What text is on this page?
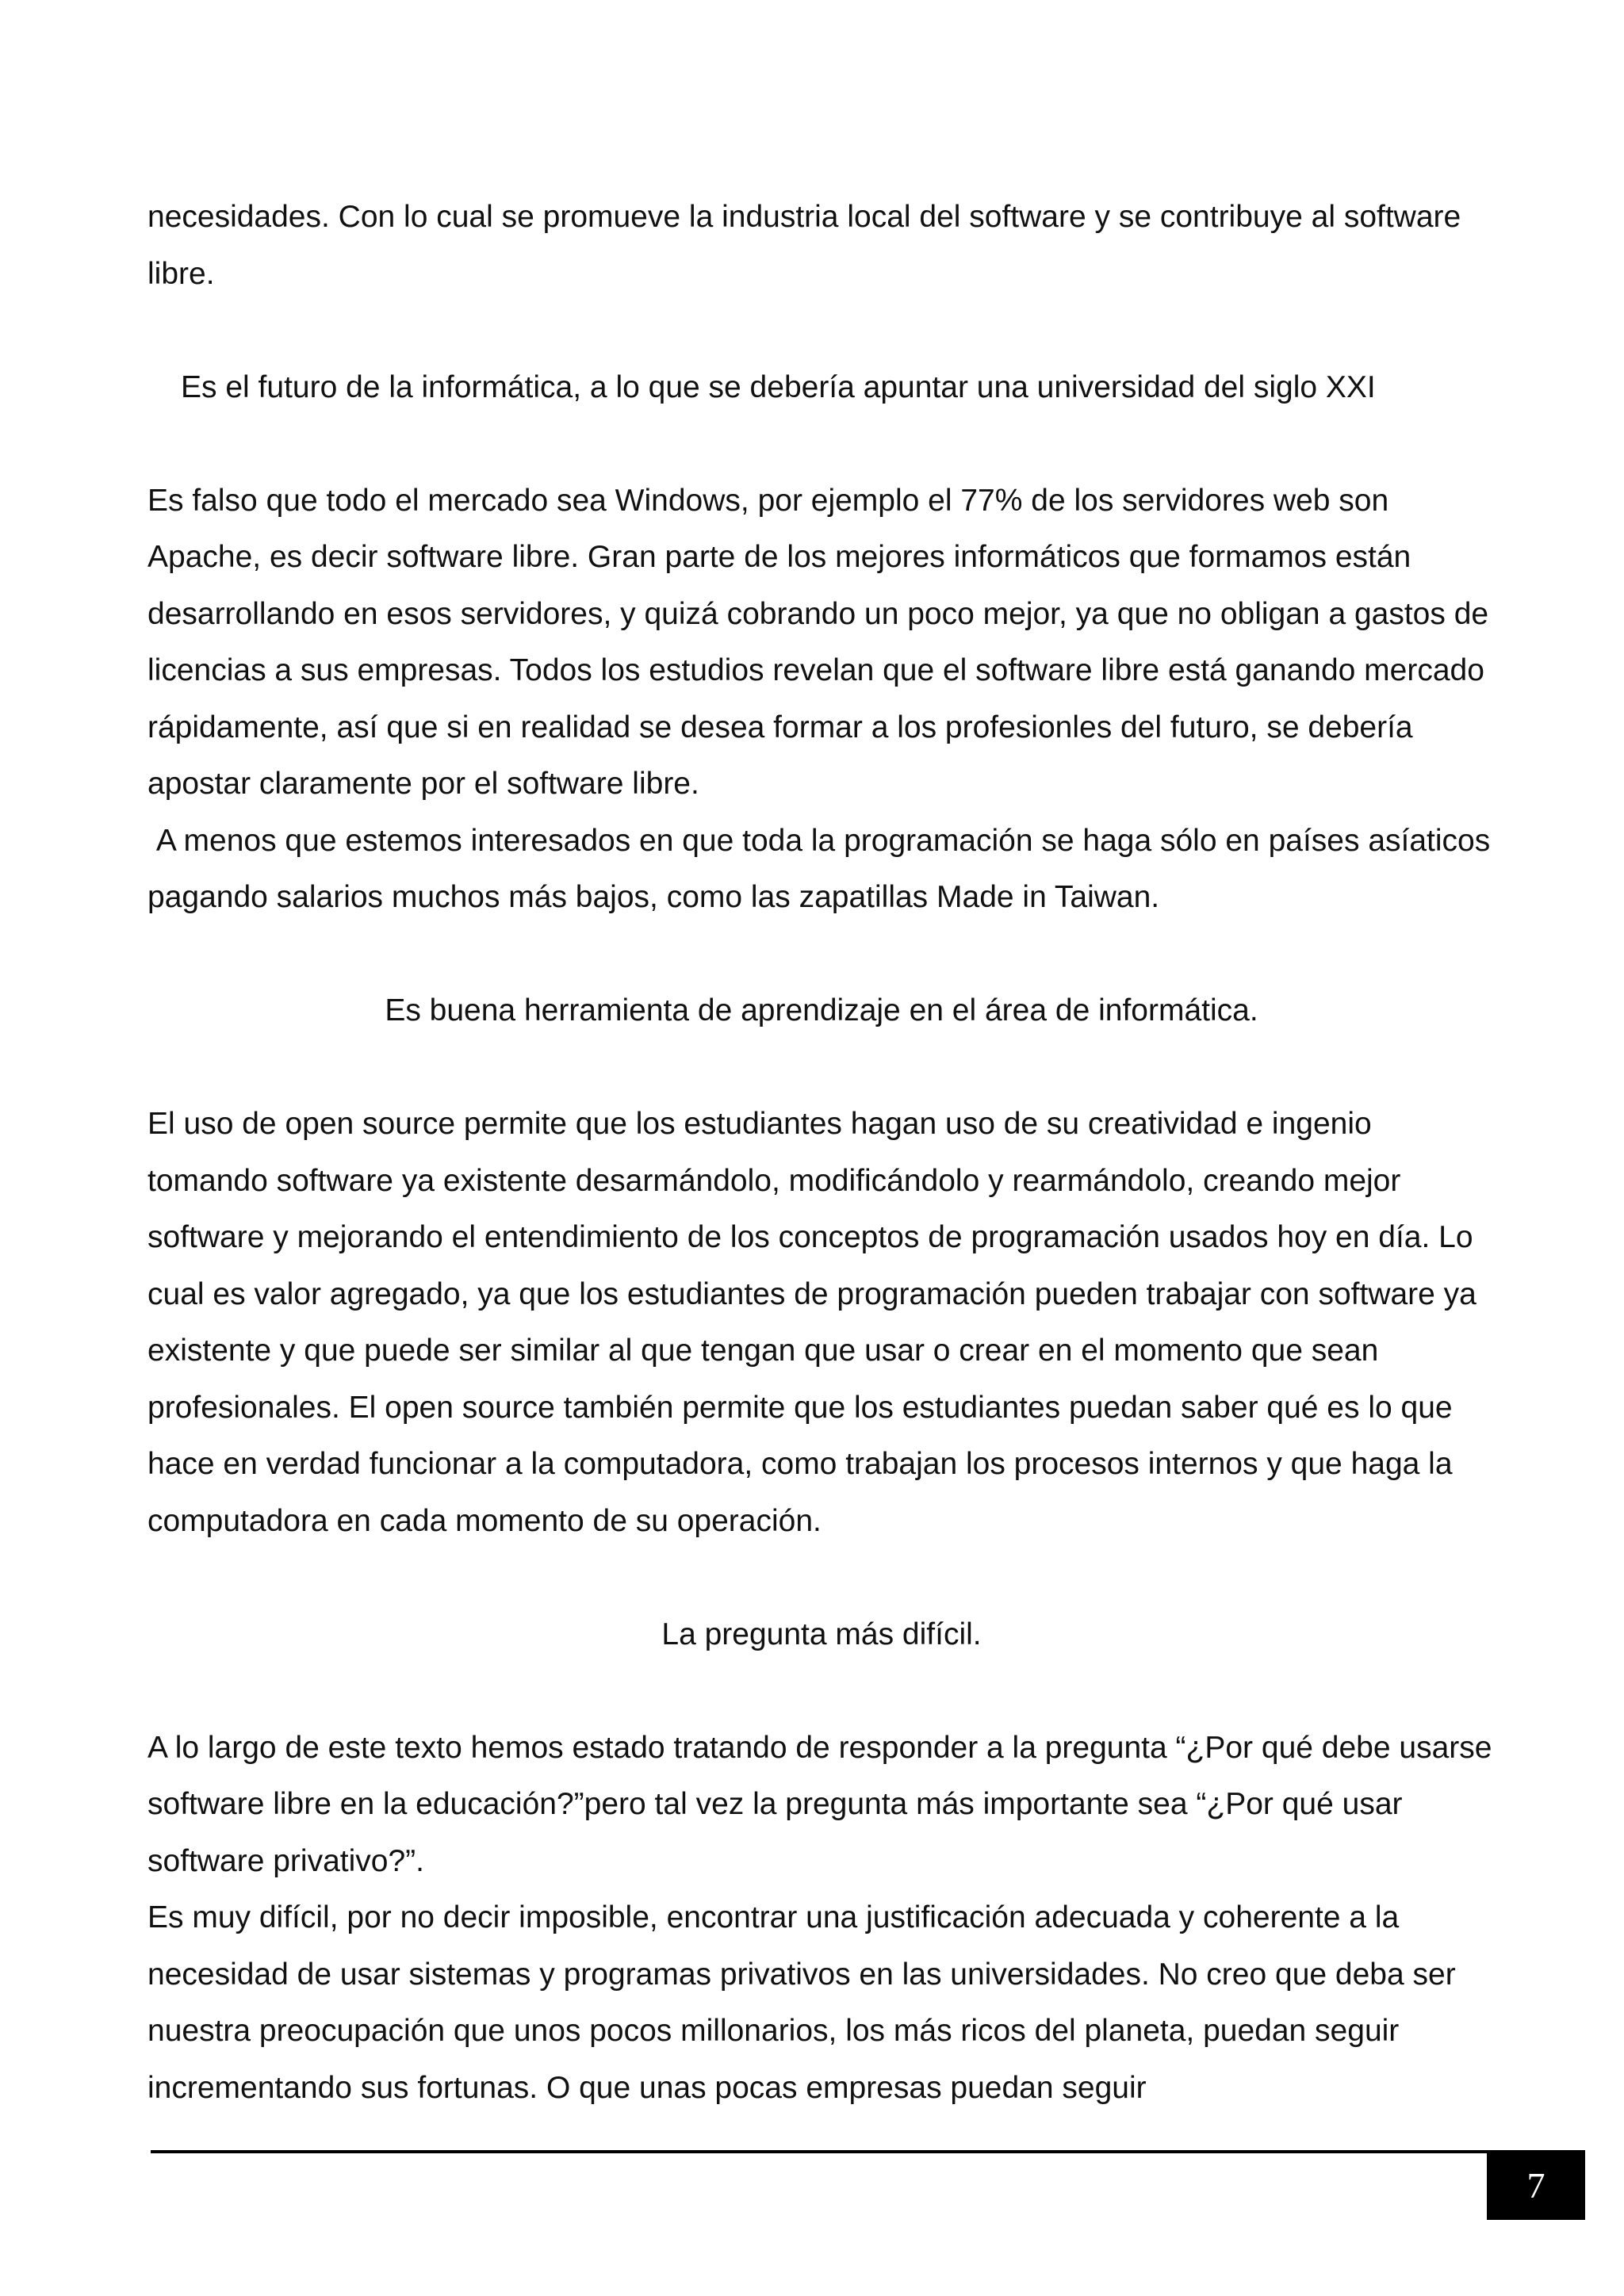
necesidades. Con lo cual se promueve la industria local del software y se contribuye al software libre.

Es el futuro de la informática, a lo que se debería apuntar una universidad del siglo XXI

Es falso que todo el mercado sea Windows, por ejemplo el 77% de los servidores web son Apache, es decir software libre. Gran parte de los mejores informáticos que formamos están desarrollando en esos servidores, y quizá cobrando un poco mejor, ya que no obligan a gastos de licencias a sus empresas. Todos los estudios revelan que el software libre está ganando mercado rápidamente, así que si en realidad se desea formar a los profesionles del futuro, se debería apostar claramente por el software libre.

A menos que estemos interesados en que toda la programación se haga sólo en países asíaticos pagando salarios muchos más bajos, como las zapatillas Made in Taiwan.

Es buena herramienta de aprendizaje en el área de informática.

El uso de open source permite que los estudiantes hagan uso de su creatividad e ingenio tomando software ya existente desarmándolo, modificándolo y rearmándolo, creando mejor software y mejorando el entendimiento de los conceptos de programación usados hoy en día. Lo cual es valor agregado, ya que los estudiantes de programación pueden trabajar con software ya existente y que puede ser similar al que tengan que usar o crear en el momento que sean profesionales. El open source también permite que los estudiantes puedan saber qué es lo que hace en verdad funcionar a la computadora, como trabajan los procesos internos y que haga la computadora en cada momento de su operación.

La pregunta más difícil.

A lo largo de este texto hemos estado tratando de responder a la pregunta “¿Por qué debe usarse software libre en la educación?”pero tal vez la pregunta más importante sea “¿Por qué usar software privativo?”.

Es muy difícil, por no decir imposible, encontrar una justificación adecuada y coherente a la necesidad de usar sistemas y programas privativos en las universidades. No creo que deba ser nuestra preocupación que unos pocos millonarios, los más ricos del planeta, puedan seguir incrementando sus fortunas. O que unas pocas empresas puedan seguir

7
